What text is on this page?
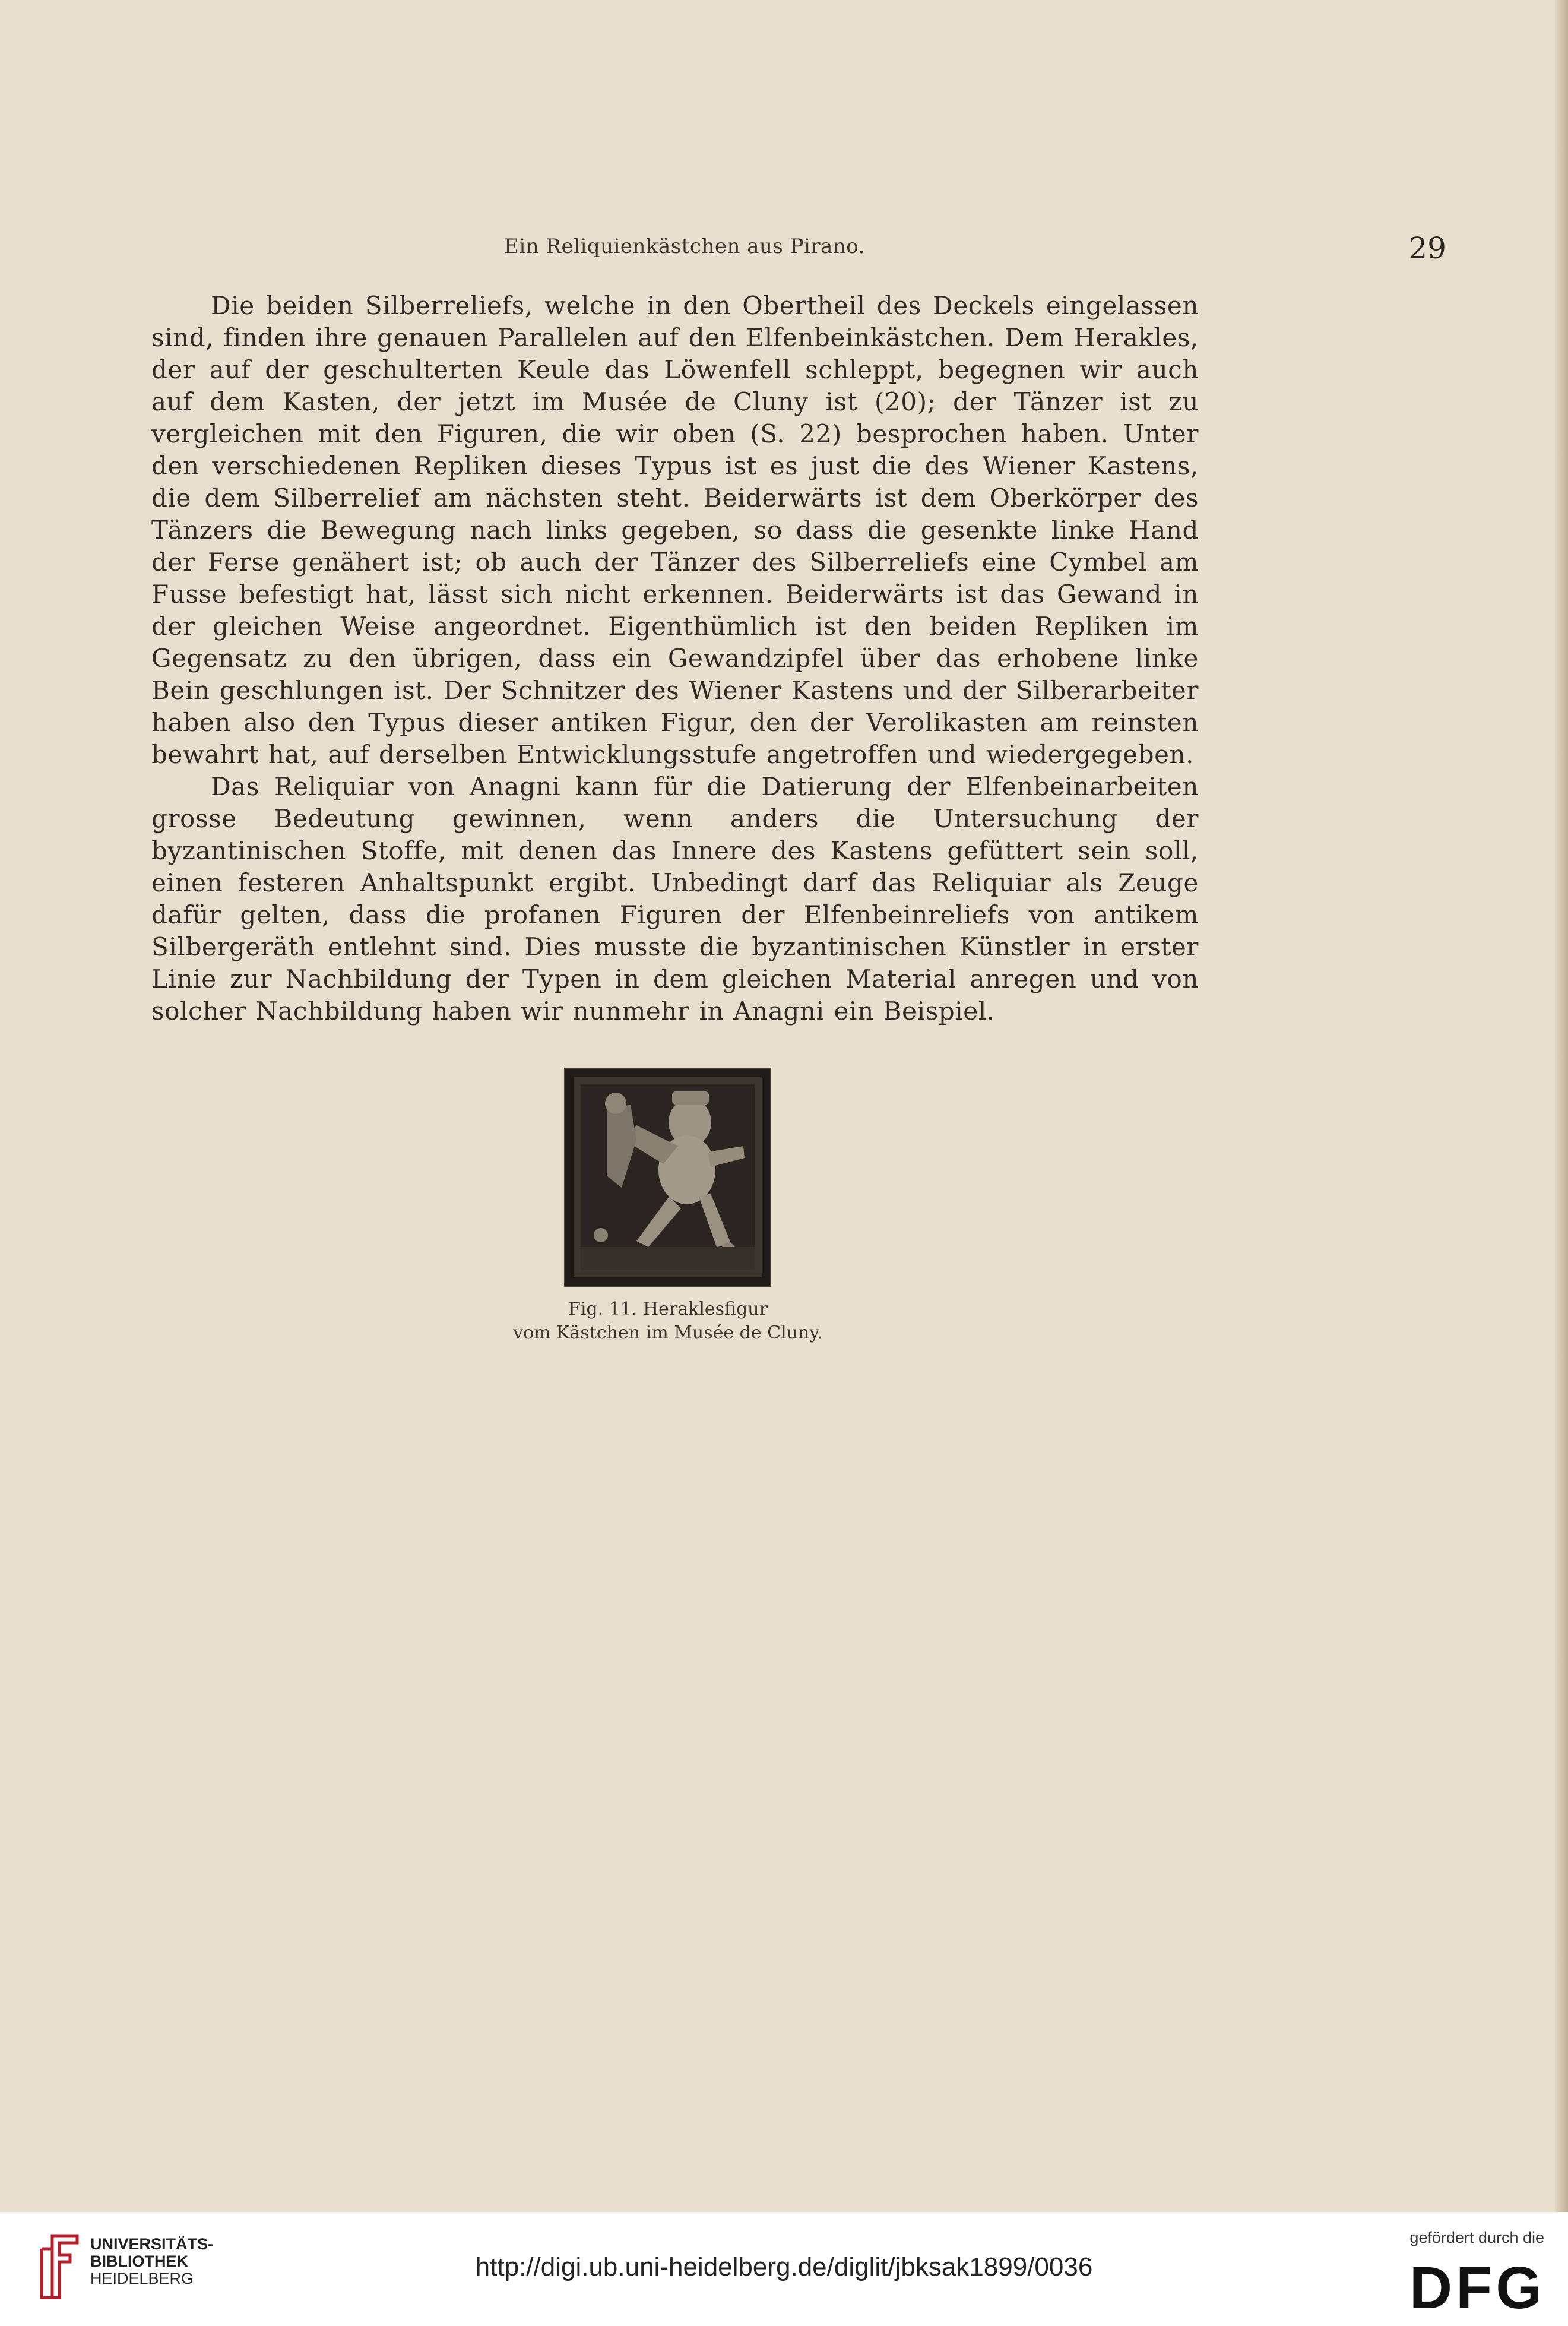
Ein Reliquienkästchen aus Pirano.	29

Die beiden Silberreliefs, welche in den Obertheil des Deckels eingelassen sind, finden ihre genauen Parallelen auf den Elfenbeinkästchen. Dem Herakles, der auf der geschulterten Keule das Löwenfell schleppt, begegnen wir auch auf dem Kasten, der jetzt im Musée de Cluny ist (20); der Tänzer ist zu vergleichen mit den Figuren, die wir oben (S. 22) besprochen haben. Unter den verschiedenen Repliken dieses Typus ist es just die des Wiener Kastens, die dem Silberrelief am nächsten steht. Beiderwärts ist dem Oberkörper des Tänzers die Bewegung nach links gegeben, so dass die gesenkte linke Hand der Ferse genähert ist; ob auch der Tänzer des Silberreliefs eine Cymbel am Fusse befestigt hat, lässt sich nicht erkennen. Beiderwärts ist das Gewand in der gleichen Weise angeordnet. Eigenthümlich ist den beiden Repliken im Gegensatz zu den übrigen, dass ein Gewandzipfel über das erhobene linke Bein geschlungen ist. Der Schnitzer des Wiener Kastens und der Silberarbeiter haben also den Typus dieser antiken Figur, den der Verolikasten am reinsten bewahrt hat, auf derselben Entwicklungsstufe angetroffen und wiedergegeben.

Das Reliquiar von Anagni kann für die Datierung der Elfenbeinarbeiten grosse Bedeutung gewinnen, wenn anders die Untersuchung der byzantinischen Stoffe, mit denen das Innere des Kastens gefüttert sein soll, einen festeren Anhaltspunkt ergibt. Unbedingt darf das Reliquiar als Zeuge dafür gelten, dass die profanen Figuren der Elfenbeinreliefs von antikem Silbergeräth entlehnt sind. Dies musste die byzantinischen Künstler in erster Linie zur Nachbildung der Typen in dem gleichen Material anregen und von solcher Nachbildung haben wir nunmehr in Anagni ein Beispiel.

Fig. 11. Heraklesfigur
vom Kästchen im Musée de Cluny.
UNIVERSITÄTS-
BIBLIOTHEK
HEIDELBERG	http://digi.ub.uni-heidelberg.de/diglit/jbksak1899/0036
gefördert durch die
DFG
